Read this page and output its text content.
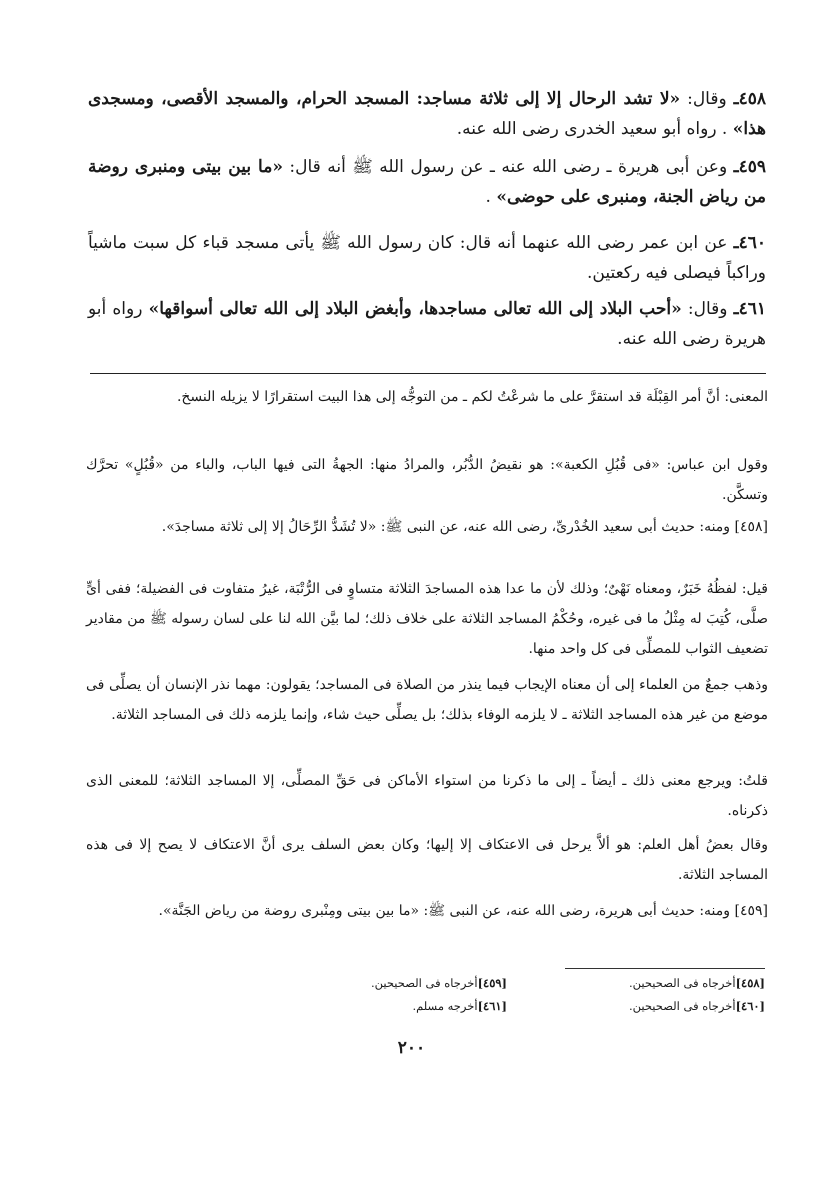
٤٥٨ـ وقال: «لا تشد الرحال إلا إلى ثلاثة مساجد: المسجد الحرام، والمسجد الأقصى، ومسجدى هذا» . رواه أبو سعيد الخدرى رضى الله عنه.
٤٥٩ـ وعن أبى هريرة ـ رضى الله عنه ـ عن رسول الله ﷺ أنه قال: «ما بين بيتى ومنبرى روضة من رياض الجنة، ومنبرى على حوضى» .
٤٦٠ـ عن ابن عمر رضى الله عنهما أنه قال: كان رسول الله ﷺ يأتى مسجد قباء كل سبت ماشياً وراكباً فيصلى فيه ركعتين.
٤٦١ـ وقال: «أحب البلاد إلى الله تعالى مساجدها، وأبغض البلاد إلى الله تعالى أسواقها» رواه أبو هريرة رضى الله عنه.
المعنى: أنَّ أمر القِبْلَة قد استقرَّ على ما شرعْتُ لكم ـ من التوجُّه إلى هذا البيت استقرارًا لا يزيله النسخ.
وقول ابن عباس: «فى قُبُلِ الكعبة»: هو نقيضُ الدُّبُر، والمرادُ منها: الجهةُ التى فيها الباب، والباء من «قُبُلٍ» تحرَّك وتسكَّن.
[٤٥٨] ومنه: حديث أبى سعيد الخُدْرىِّ، رضى الله عنه، عن النبى ﷺ: «لا تُشَدُّ الرِّحَالُ إلا إلى ثلاثة مساجدَ».
قيل: لفظُهُ خَبَرٌ، ومعناه نَهْىٌ؛ وذلك لأن ما عدا هذه المساجدَ الثلاثة متساوٍ فى الرُّتْبَة، غيرُ متفاوت فى الفضيلة؛ ففى أىٍّ صلَّى، كُتِبَ له مِثْلُ ما فى غيره، وحُكْمُ المساجد الثلاثة على خلاف ذلك؛ لما بيَّن الله لنا على لسان رسوله ﷺ من مقادير تضعيف الثواب للمصلِّى فى كل واحد منها.
وذهب جمعٌ من العلماء إلى أن معناه الإيجاب فيما ينذر من الصلاة فى المساجد؛ يقولون: مهما نذر الإنسان أن يصلِّى فى موضع من غير هذه المساجد الثلاثة ـ لا يلزمه الوفاء بذلك؛ بل يصلِّى حيث شاء، وإنما يلزمه ذلك فى المساجد الثلاثة.
قلتُ: ويرجع معنى ذلك ـ أيضاً ـ إلى ما ذكرنا من استواء الأماكن فى حَقِّ المصلِّى، إلا المساجد الثلاثة؛ للمعنى الذى ذكرناه.
وقال بعضُ أهل العلم: هو ألاَّ يرحل فى الاعتكاف إلا إليها؛ وكان بعض السلف يرى أنَّ الاعتكاف لا يصح إلا فى هذه المساجد الثلاثة.
[٤٥٩] ومنه: حديث أبى هريرة، رضى الله عنه، عن النبى ﷺ: «ما بين بيتى ومِنْبرى روضة من رياض الجَنَّة».
[٤٥٨]أخرجاه فى الصحيحين.
[٤٥٩]أخرجاه فى الصحيحين.
[٤٦٠]أخرجاه فى الصحيحين.
[٤٦١]أخرجه مسلم.
٢٠٠
